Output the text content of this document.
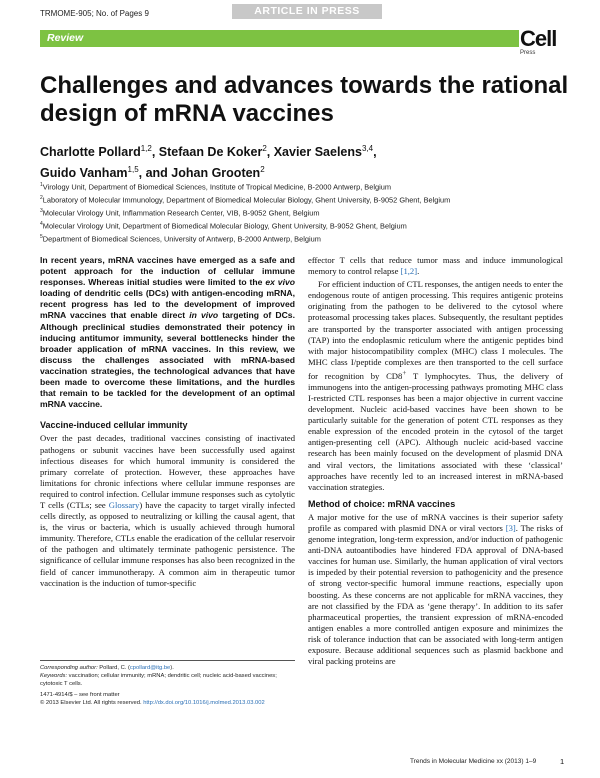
TRMOME-905; No. of Pages 9	ARTICLE IN PRESS
Review	Cell
Press
Challenges and advances towards the rational design of mRNA vaccines
Charlotte Pollard$^{1,2}$, Stefaan De Koker$^2$, Xavier Saelens$^{3,4}$,
Guido Vanham$^{1,5}$, and Johan Grooten$^2$
$^1$Virology Unit, Department of Biomedical Sciences, Institute of Tropical Medicine, B-2000 Antwerp, Belgium
$^2$Laboratory of Molecular Immunology, Department of Biomedical Molecular Biology, Ghent University, B-9052 Ghent, Belgium
$^3$Molecular Virology Unit, Inflammation Research Center, VIB, B-9052 Ghent, Belgium
$^4$Molecular Virology Unit, Department of Biomedical Molecular Biology, Ghent University, B-9052 Ghent, Belgium
$^5$Department of Biomedical Sciences, University of Antwerp, B-2000 Antwerp, Belgium

In recent years, mRNA vaccines have emerged as a safe and potent approach for the induction of cellular immune responses. Whereas initial studies were limited to the ex vivo loading of dendritic cells (DCs) with antigen-encoding mRNA, recent progress has led to the development of improved mRNA vaccines that enable direct in vivo targeting of DCs. Although preclinical studies demonstrated their potency in inducing antitumor immunity, several bottlenecks hinder the broader application of mRNA vaccines. In this review, we discuss the challenges associated with mRNA-based vaccination strategies, the technological advances that have been made to overcome these limitations, and the hurdles that remain to be tackled for the development of an optimal mRNA vaccine.

Vaccine-induced cellular immunity

Over the past decades, traditional vaccines consisting of inactivated pathogens or subunit vaccines have been successfully used against infectious diseases for which humoral immunity is considered the primary correlate of protection. However, these approaches have limitations for chronic infections where cellular immune responses are required to control infection. Cellular immune responses such as cytolytic T cells (CTLs; see Glossary) have the capacity to target virally infected cells directly, as opposed to neutralizing or killing the causal agent, that is, the virus or bacteria, which is usually achieved through humoral immunity. Therefore, CTLs enable the eradication of the cellular reservoir of the pathogen and ultimately terminate pathogenic persistence. The significance of cellular immune responses has also been recognized in the field of cancer immunotherapy. A common aim in therapeutic tumor vaccination is the induction of tumor-specific

effector T cells that reduce tumor mass and induce immunological memory to control relapse [1,2].

For efficient induction of CTL responses, the antigen needs to enter the endogenous route of antigen processing. This requires antigenic proteins originating from the pathogen to be delivered to the cytosol where proteasomal processing takes places. Subsequently, the resultant peptides are transported by the transporter associated with antigen processing (TAP) into the endoplasmic reticulum where the antigenic peptides bind with major histocompatibility complex (MHC) class I molecules. The MHC class I/peptide complexes are then transported to the cell surface for recognition by CD8+ T lymphocytes. Thus, the delivery of immunogens into the antigen-processing pathways promoting MHC class I-restricted CTL responses has been a major objective in current vaccine development. Nucleic acid-based vaccines have been shown to be particularly suitable for the generation of potent CTL responses as they enable expression of the encoded protein in the cytosol of the target antigen-presenting cell (APC). Although nucleic acid-based vaccine research has been mainly focused on the development of plasmid DNA and viral vectors, the limitations associated with these ‘classical’ approaches have recently led to an increased interest in mRNA-based vaccination strategies.

Method of choice: mRNA vaccines

A major motive for the use of mRNA vaccines is their superior safety profile as compared with plasmid DNA or viral vectors [3]. The risks of genome integration, long-term expression, and/or induction of pathogenic anti-DNA autoantibodies have hindered FDA approval of DNA-based vaccines for human use. Similarly, the human application of viral vectors is impeded by their potential reversion to pathogenicity and the presence of strong vector-specific humoral immune reactions, especially upon boosting. As these concerns are not applicable for mRNA vaccines, they are not classified by the FDA as ‘gene therapy’. In addition to its safer pharmaceutical properties, the transient expression of mRNA-encoded antigen enables a more controlled antigen exposure and minimizes the risk of tolerance induction that can be associated with long-term antigen exposure. Because additional sequences such as plasmid backbone and viral packing proteins are

Corresponding author: Pollard, C. (cpollard@itg.be).
Keywords: vaccination; cellular immunity; mRNA; dendritic cell; nucleic acid-based vaccines; cytotoxic T cells.
1471-4914/$ – see front matter
© 2013 Elsevier Ltd. All rights reserved. http://dx.doi.org/10.1016/j.molmed.2013.03.002
Trends in Molecular Medicine xx (2013) 1–9	1
